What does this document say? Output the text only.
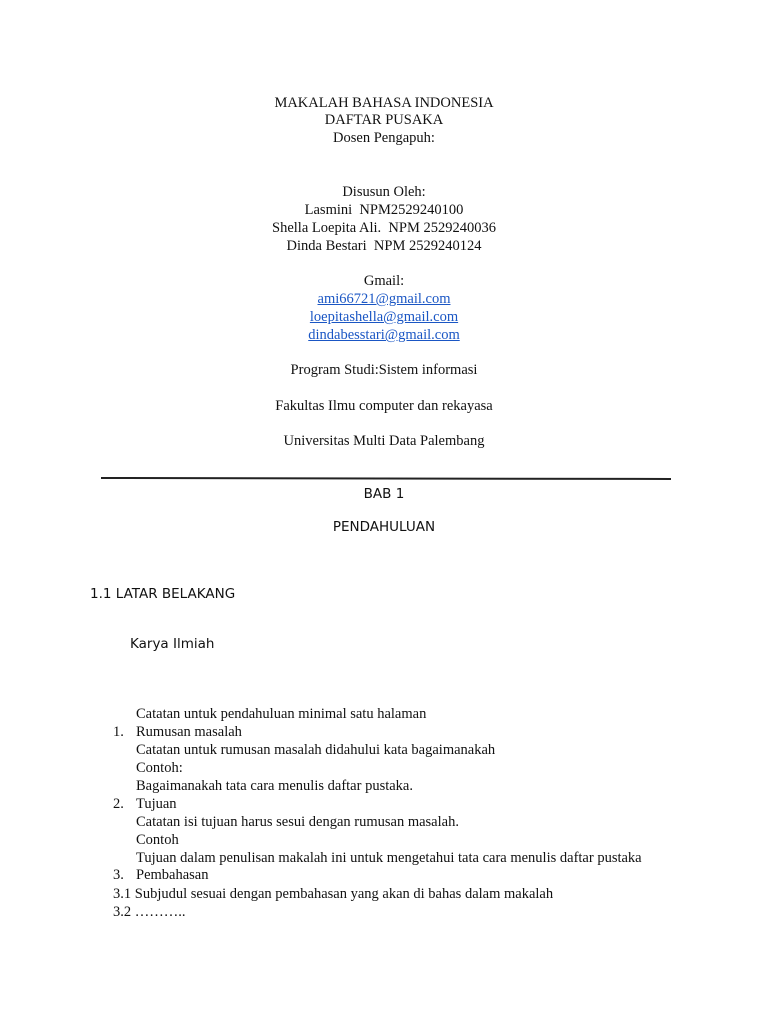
MAKALAH BAHASA INDONESIA
DAFTAR PUSAKA
Dosen Pengapuh:
Disusun Oleh:
Lasmini  NPM2529240100
Shella Loepita Ali.  NPM 2529240036
Dinda Bestari  NPM 2529240124
Gmail:
ami66721@gmail.com
loepitashella@gmail.com
dindabesstari@gmail.com
Program Studi:Sistem informasi
Fakultas Ilmu computer dan rekayasa
Universitas Multi Data Palembang
BAB 1
PENDAHULUAN
1.1 LATAR BELAKANG
Karya Ilmiah
Catatan untuk pendahuluan minimal satu halaman
1. Rumusan masalah
Catatan untuk rumusan masalah didahului kata bagaimanakah
Contoh:
Bagaimanakah tata cara menulis daftar pustaka.
2. Tujuan
Catatan isi tujuan harus sesui dengan rumusan masalah.
Contoh
Tujuan dalam penulisan makalah ini untuk mengetahui tata cara menulis daftar pustaka
3. Pembahasan
3.1 Subjudul sesuai dengan pembahasan yang akan di bahas dalam makalah
3.2 ………..
